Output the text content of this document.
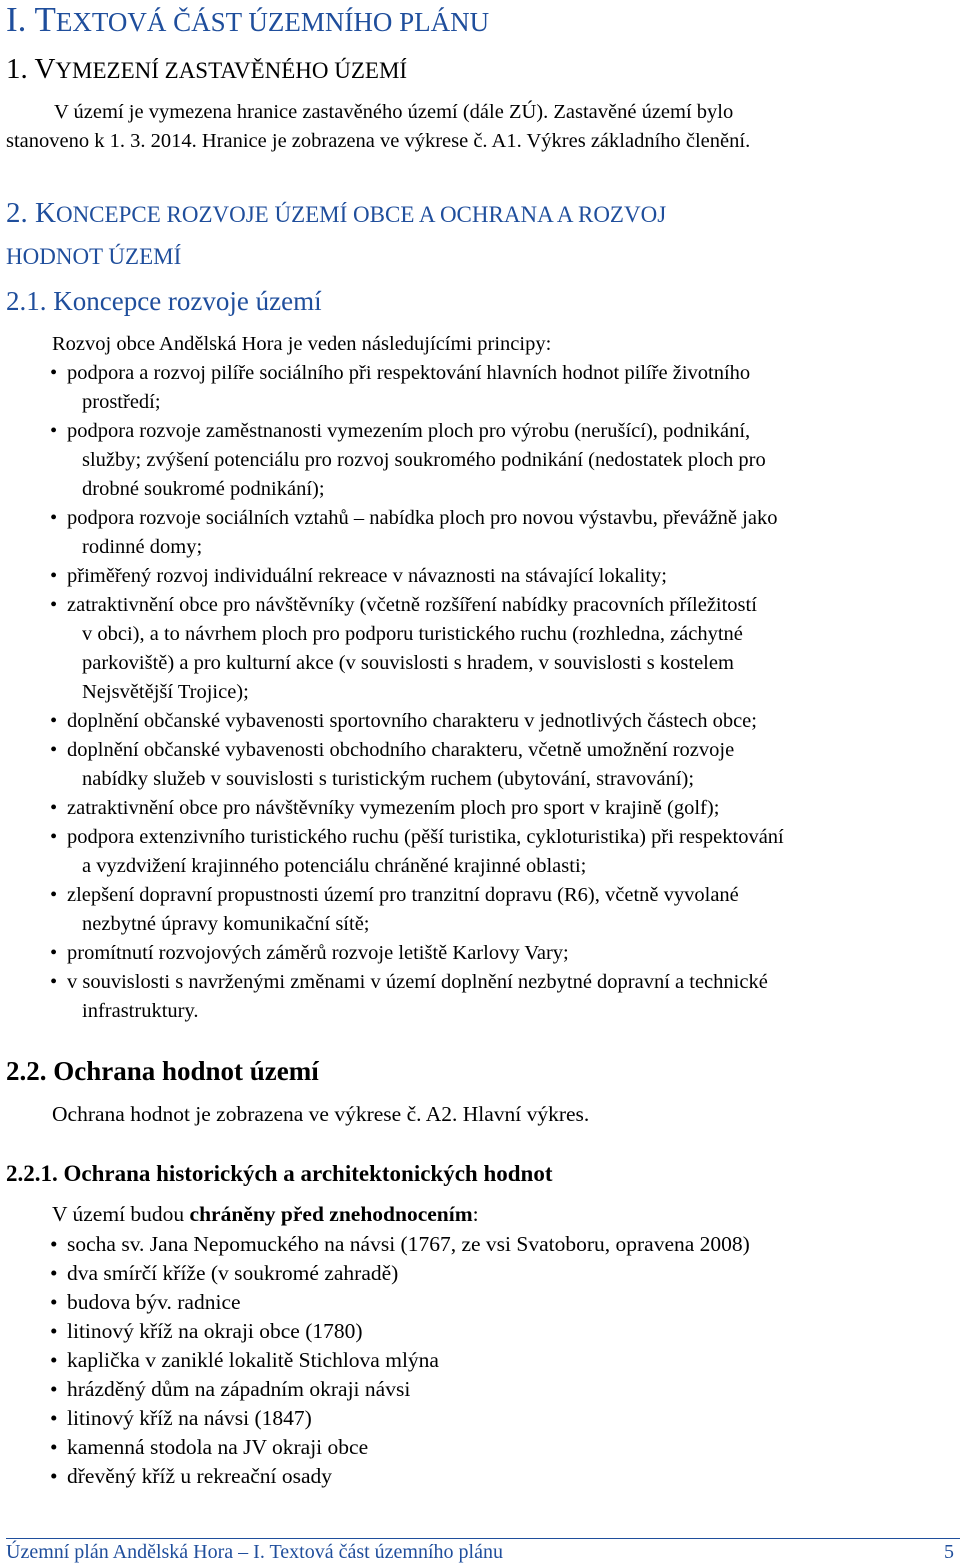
I. TEXTOVÁ ČÁST ÚZEMNÍHO PLÁNU
1. VYMEZENÍ ZASTAVĚNÉHO ÚZEMÍ
V území je vymezena hranice zastavěného území (dále ZÚ). Zastavěné území bylo
stanoveno k 1. 3. 2014. Hranice je zobrazena ve výkrese č. A1. Výkres základního členění.
2. KONCEPCE ROZVOJE ÚZEMÍ OBCE A OCHRANA A ROZVOJ
HODNOT ÚZEMÍ
2.1. Koncepce rozvoje území
Rozvoj obce Andělská Hora je veden následujícími principy:
• podpora a rozvoj pilíře sociálního při respektování hlavních hodnot pilíře životního
prostředí;
• podpora rozvoje zaměstnanosti vymezením ploch pro výrobu (nerušící), podnikání,
služby; zvýšení potenciálu pro rozvoj soukromého podnikání (nedostatek ploch pro
drobné soukromé podnikání);
• podpora rozvoje sociálních vztahů – nabídka ploch pro novou výstavbu, převážně jako
rodinné domy;
• přiměřený rozvoj individuální rekreace v návaznosti na stávající lokality;
• zatraktivnění obce pro návštěvníky (včetně rozšíření nabídky pracovních příležitostí
v obci), a to návrhem ploch pro podporu turistického ruchu (rozhledna, záchytné
parkoviště) a pro kulturní akce (v souvislosti s hradem, v souvislosti s kostelem
Nejsvětější Trojice);
• doplnění občanské vybavenosti sportovního charakteru v jednotlivých částech obce;
• doplnění občanské vybavenosti obchodního charakteru, včetně umožnění rozvoje
nabídky služeb v souvislosti s turistickým ruchem (ubytování, stravování);
• zatraktivnění obce pro návštěvníky vymezením ploch pro sport v krajině (golf);
• podpora extenzivního turistického ruchu (pěší turistika, cykloturistika) při respektování
a vyzdvižení krajinného potenciálu chráněné krajinné oblasti;
• zlepšení dopravní propustnosti území pro tranzitní dopravu (R6), včetně vyvolané
nezbytné úpravy komunikační sítě;
• promítnutí rozvojových záměrů rozvoje letiště Karlovy Vary;
• v souvislosti s navrženými změnami v území doplnění nezbytné dopravní a technické
infrastruktury.
2.2. Ochrana hodnot území
Ochrana hodnot je zobrazena ve výkrese č. A2. Hlavní výkres.
2.2.1. Ochrana historických a architektonických hodnot
V území budou chráněny před znehodnocením:
• socha sv. Jana Nepomuckého na návsi (1767, ze vsi Svatoboru, opravena 2008)
• dva smírčí kříže (v soukromé zahradě)
• budova býv. radnice
• litinový kříž na okraji obce (1780)
• kaplička v zaniklé lokalitě Stichlova mlýna
• hrázděný dům na západním okraji návsi
• litinový kříž na návsi (1847)
• kamenná stodola na JV okraji obce
• dřevěný kříž u rekreační osady
Územní plán Andělská Hora – I. Textová část územního plánu	5
